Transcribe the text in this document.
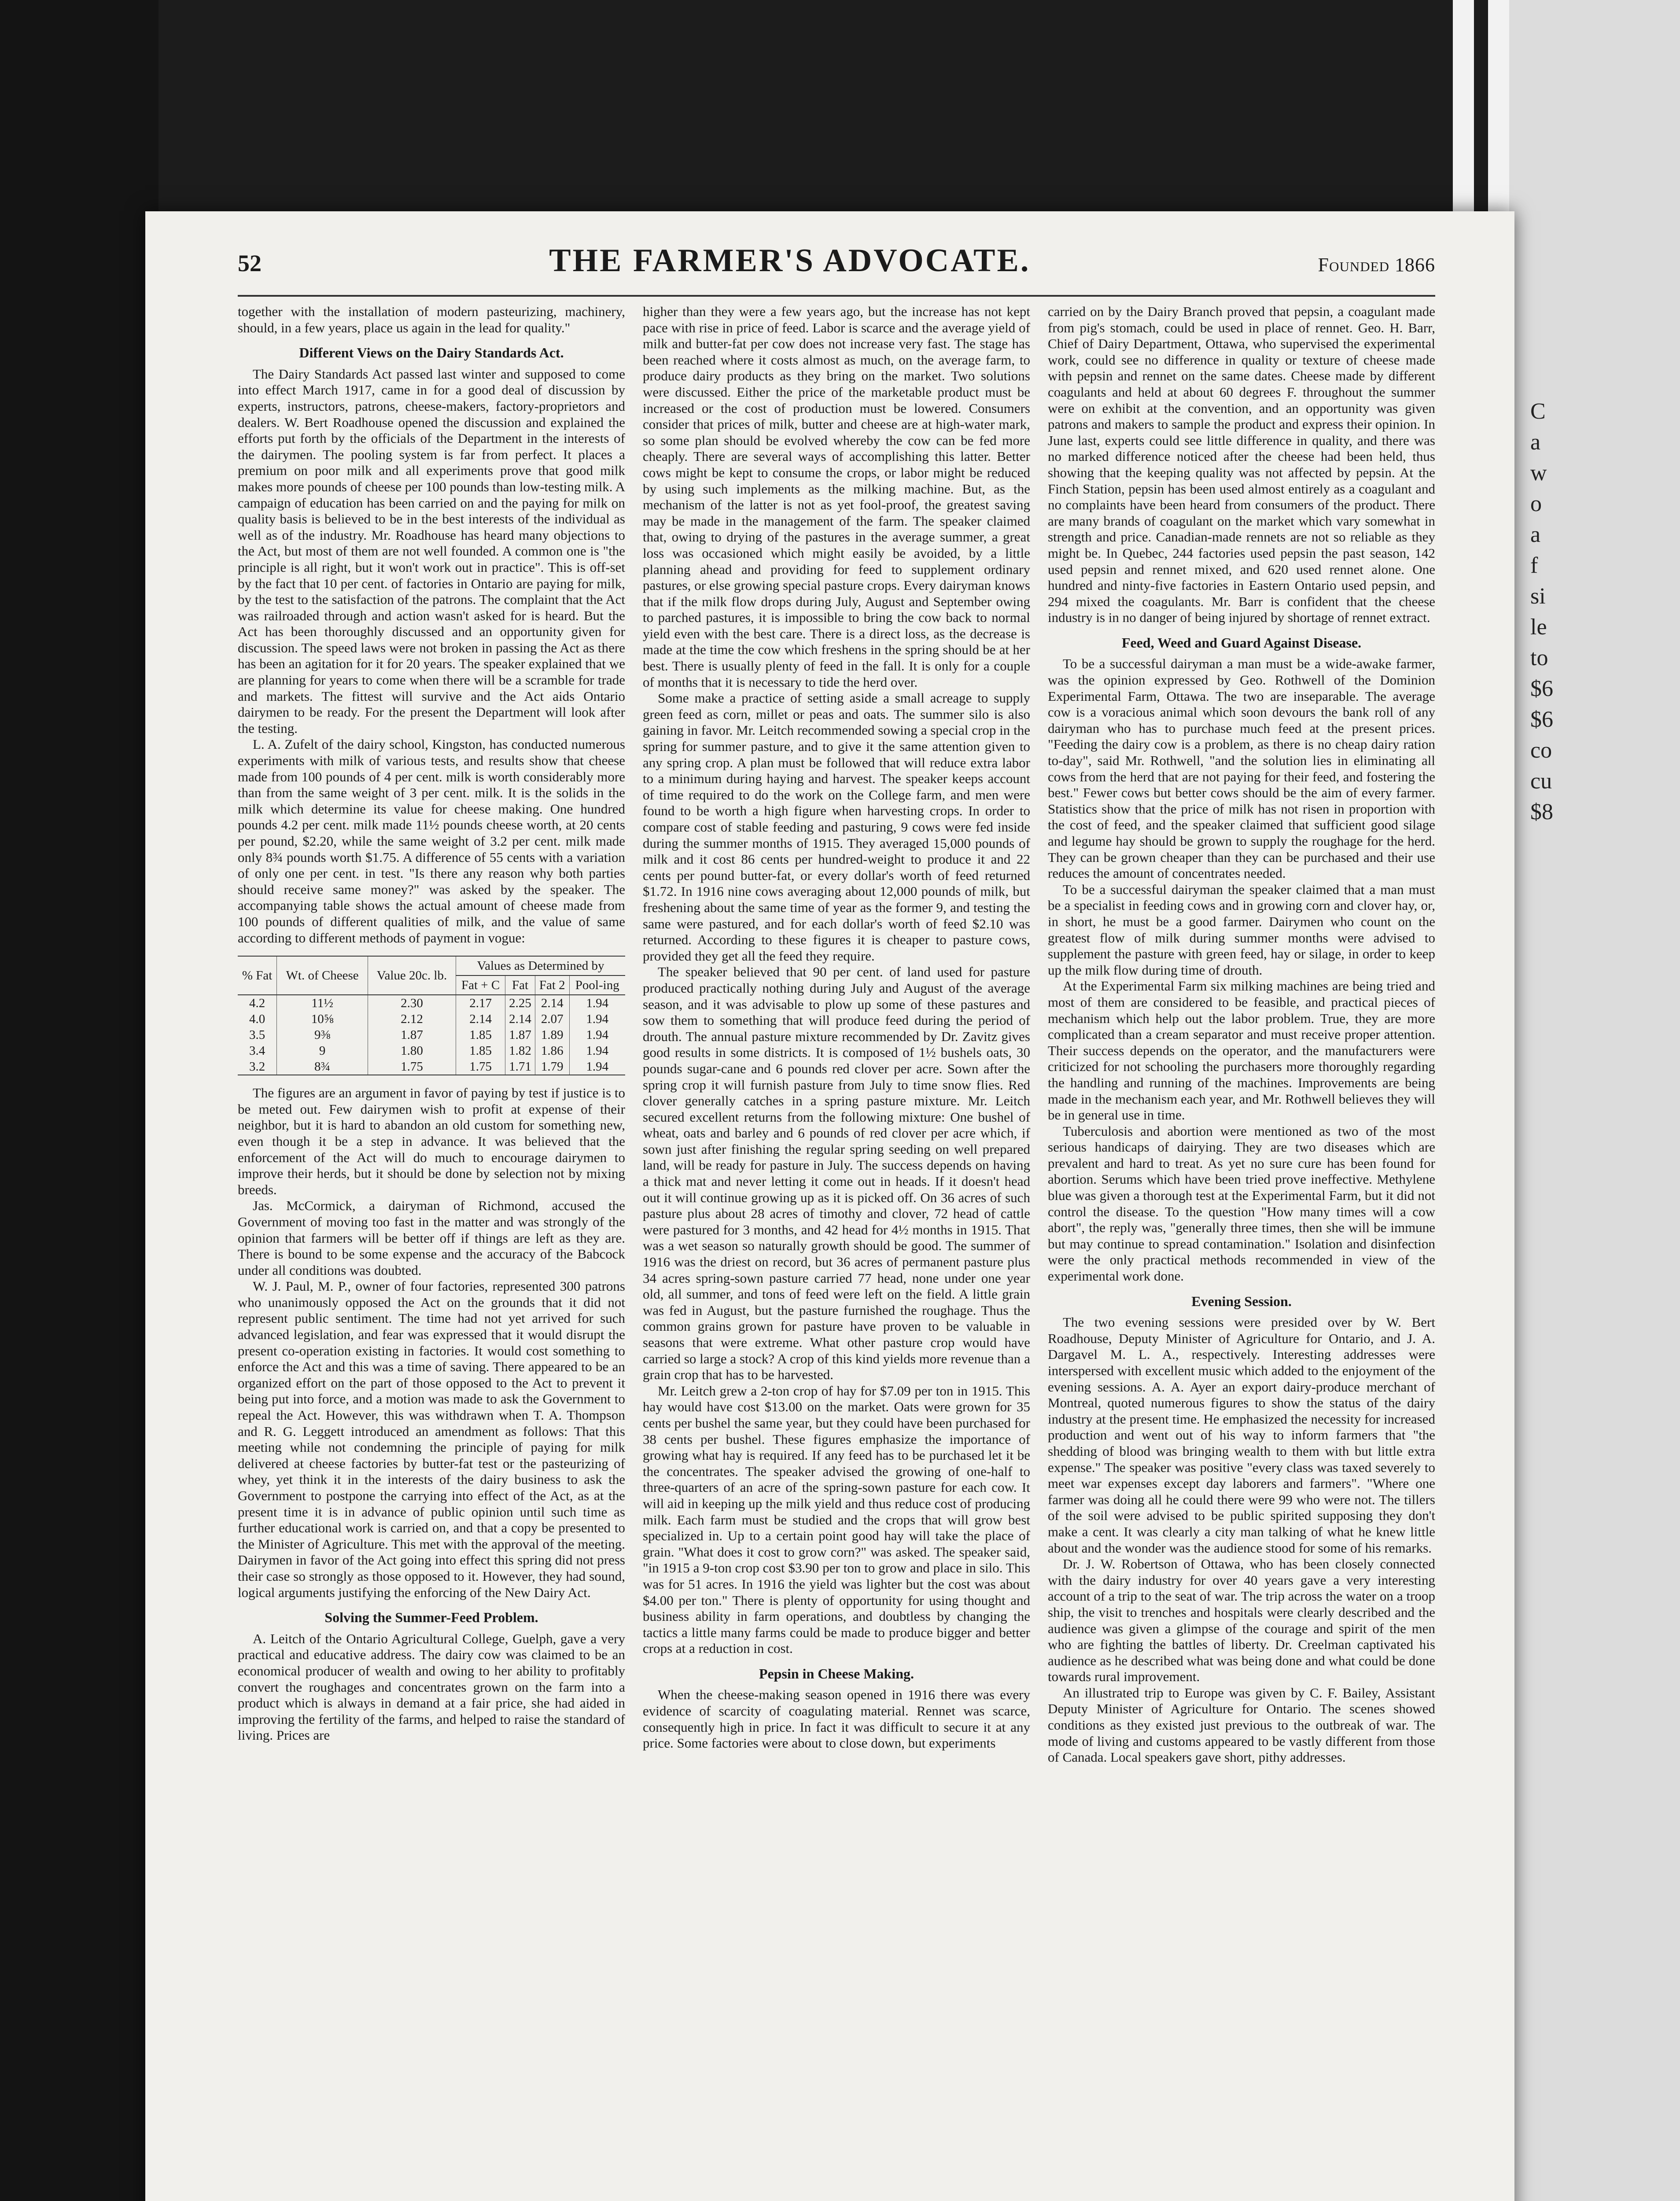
C
a
w
o
a
f
si
le
to
$6
$6
co
cu
$8
52	THE FARMER'S ADVOCATE.	Founded 1866

together with the installation of modern pasteurizing, machinery, should, in a few years, place us again in the lead for quality."

Different Views on the Dairy Standards Act.

The Dairy Standards Act passed last winter and supposed to come into effect March 1917, came in for a good deal of discussion by experts, instructors, patrons, cheese-makers, factory-proprietors and dealers. W. Bert Roadhouse opened the discussion and explained the efforts put forth by the officials of the Department in the interests of the dairymen. The pooling system is far from perfect. It places a premium on poor milk and all experiments prove that good milk makes more pounds of cheese per 100 pounds than low-testing milk. A campaign of education has been carried on and the paying for milk on quality basis is believed to be in the best interests of the individual as well as of the industry. Mr. Roadhouse has heard many objections to the Act, but most of them are not well founded. A common one is "the principle is all right, but it won't work out in practice". This is off-set by the fact that 10 per cent. of factories in Ontario are paying for milk, by the test to the satisfaction of the patrons. The complaint that the Act was railroaded through and action wasn't asked for is heard. But the Act has been thoroughly discussed and an opportunity given for discussion. The speed laws were not broken in passing the Act as there has been an agitation for it for 20 years. The speaker explained that we are planning for years to come when there will be a scramble for trade and markets. The fittest will survive and the Act aids Ontario dairymen to be ready. For the present the Department will look after the testing.

L. A. Zufelt of the dairy school, Kingston, has conducted numerous experiments with milk of various tests, and results show that cheese made from 100 pounds of 4 per cent. milk is worth considerably more than from the same weight of 3 per cent. milk. It is the solids in the milk which determine its value for cheese making. One hundred pounds 4.2 per cent. milk made 11½ pounds cheese worth, at 20 cents per pound, $2.20, while the same weight of 3.2 per cent. milk made only 8¾ pounds worth $1.75. A difference of 55 cents with a variation of only one per cent. in test. "Is there any reason why both parties should receive same money?" was asked by the speaker. The accompanying table shows the actual amount of cheese made from 100 pounds of different qualities of milk, and the value of same according to different methods of payment in vogue:

% Fat	Wt. of Cheese	Value 20c. lb.	Values as Determined by			
			Fat + C	Fat	Fat 2	Pool-ing
4.2	11½	2.30	2.17	2.25	2.14	1.94
4.0	10⅝	2.12	2.14	2.14	2.07	1.94
3.5	9⅜	1.87	1.85	1.87	1.89	1.94
3.4	9	1.80	1.85	1.82	1.86	1.94
3.2	8¾	1.75	1.75	1.71	1.79	1.94

The figures are an argument in favor of paying by test if justice is to be meted out. Few dairymen wish to profit at expense of their neighbor, but it is hard to abandon an old custom for something new, even though it be a step in advance. It was believed that the enforcement of the Act will do much to encourage dairymen to improve their herds, but it should be done by selection not by mixing breeds.

Jas. McCormick, a dairyman of Richmond, accused the Government of moving too fast in the matter and was strongly of the opinion that farmers will be better off if things are left as they are. There is bound to be some expense and the accuracy of the Babcock under all conditions was doubted.

W. J. Paul, M. P., owner of four factories, represented 300 patrons who unanimously opposed the Act on the grounds that it did not represent public sentiment. The time had not yet arrived for such advanced legislation, and fear was expressed that it would disrupt the present co-operation existing in factories. It would cost something to enforce the Act and this was a time of saving. There appeared to be an organized effort on the part of those opposed to the Act to prevent it being put into force, and a motion was made to ask the Government to repeal the Act. However, this was withdrawn when T. A. Thompson and R. G. Leggett introduced an amendment as follows: That this meeting while not condemning the principle of paying for milk delivered at cheese factories by butter-fat test or the pasteurizing of whey, yet think it in the interests of the dairy business to ask the Government to postpone the carrying into effect of the Act, as at the present time it is in advance of public opinion until such time as further educational work is carried on, and that a copy be presented to the Minister of Agriculture. This met with the approval of the meeting. Dairymen in favor of the Act going into effect this spring did not press their case so strongly as those opposed to it. However, they had sound, logical arguments justifying the enforcing of the New Dairy Act.

Solving the Summer-Feed Problem.

A. Leitch of the Ontario Agricultural College, Guelph, gave a very practical and educative address. The dairy cow was claimed to be an economical producer of wealth and owing to her ability to profitably convert the roughages and concentrates grown on the farm into a product which is always in demand at a fair price, she had aided in improving the fertility of the farms, and helped to raise the standard of living. Prices are

higher than they were a few years ago, but the increase has not kept pace with rise in price of feed. Labor is scarce and the average yield of milk and butter-fat per cow does not increase very fast. The stage has been reached where it costs almost as much, on the average farm, to produce dairy products as they bring on the market. Two solutions were discussed. Either the price of the marketable product must be increased or the cost of production must be lowered. Consumers consider that prices of milk, butter and cheese are at high-water mark, so some plan should be evolved whereby the cow can be fed more cheaply. There are several ways of accomplishing this latter. Better cows might be kept to consume the crops, or labor might be reduced by using such implements as the milking machine. But, as the mechanism of the latter is not as yet fool-proof, the greatest saving may be made in the management of the farm. The speaker claimed that, owing to drying of the pastures in the average summer, a great loss was occasioned which might easily be avoided, by a little planning ahead and providing for feed to supplement ordinary pastures, or else growing special pasture crops. Every dairyman knows that if the milk flow drops during July, August and September owing to parched pastures, it is impossible to bring the cow back to normal yield even with the best care. There is a direct loss, as the decrease is made at the time the cow which freshens in the spring should be at her best. There is usually plenty of feed in the fall. It is only for a couple of months that it is necessary to tide the herd over.

Some make a practice of setting aside a small acreage to supply green feed as corn, millet or peas and oats. The summer silo is also gaining in favor. Mr. Leitch recommended sowing a special crop in the spring for summer pasture, and to give it the same attention given to any spring crop. A plan must be followed that will reduce extra labor to a minimum during haying and harvest. The speaker keeps account of time required to do the work on the College farm, and men were found to be worth a high figure when harvesting crops. In order to compare cost of stable feeding and pasturing, 9 cows were fed inside during the summer months of 1915. They averaged 15,000 pounds of milk and it cost 86 cents per hundred-weight to produce it and 22 cents per pound butter-fat, or every dollar's worth of feed returned $1.72. In 1916 nine cows averaging about 12,000 pounds of milk, but freshening about the same time of year as the former 9, and testing the same were pastured, and for each dollar's worth of feed $2.10 was returned. According to these figures it is cheaper to pasture cows, provided they get all the feed they require.

The speaker believed that 90 per cent. of land used for pasture produced practically nothing during July and August of the average season, and it was advisable to plow up some of these pastures and sow them to something that will produce feed during the period of drouth. The annual pasture mixture recommended by Dr. Zavitz gives good results in some districts. It is composed of 1½ bushels oats, 30 pounds sugar-cane and 6 pounds red clover per acre. Sown after the spring crop it will furnish pasture from July to time snow flies. Red clover generally catches in a spring pasture mixture. Mr. Leitch secured excellent returns from the following mixture: One bushel of wheat, oats and barley and 6 pounds of red clover per acre which, if sown just after finishing the regular spring seeding on well prepared land, will be ready for pasture in July. The success depends on having a thick mat and never letting it come out in heads. If it doesn't head out it will continue growing up as it is picked off. On 36 acres of such pasture plus about 28 acres of timothy and clover, 72 head of cattle were pastured for 3 months, and 42 head for 4½ months in 1915. That was a wet season so naturally growth should be good. The summer of 1916 was the driest on record, but 36 acres of permanent pasture plus 34 acres spring-sown pasture carried 77 head, none under one year old, all summer, and tons of feed were left on the field. A little grain was fed in August, but the pasture furnished the roughage. Thus the common grains grown for pasture have proven to be valuable in seasons that were extreme. What other pasture crop would have carried so large a stock? A crop of this kind yields more revenue than a grain crop that has to be harvested.

Mr. Leitch grew a 2-ton crop of hay for $7.09 per ton in 1915. This hay would have cost $13.00 on the market. Oats were grown for 35 cents per bushel the same year, but they could have been purchased for 38 cents per bushel. These figures emphasize the importance of growing what hay is required. If any feed has to be purchased let it be the concentrates. The speaker advised the growing of one-half to three-quarters of an acre of the spring-sown pasture for each cow. It will aid in keeping up the milk yield and thus reduce cost of producing milk. Each farm must be studied and the crops that will grow best specialized in. Up to a certain point good hay will take the place of grain. "What does it cost to grow corn?" was asked. The speaker said, "in 1915 a 9-ton crop cost $3.90 per ton to grow and place in silo. This was for 51 acres. In 1916 the yield was lighter but the cost was about $4.00 per ton." There is plenty of opportunity for using thought and business ability in farm operations, and doubtless by changing the tactics a little many farms could be made to produce bigger and better crops at a reduction in cost.

Pepsin in Cheese Making.

When the cheese-making season opened in 1916 there was every evidence of scarcity of coagulating material. Rennet was scarce, consequently high in price. In fact it was difficult to secure it at any price. Some factories were about to close down, but experiments

carried on by the Dairy Branch proved that pepsin, a coagulant made from pig's stomach, could be used in place of rennet. Geo. H. Barr, Chief of Dairy Department, Ottawa, who supervised the experimental work, could see no difference in quality or texture of cheese made with pepsin and rennet on the same dates. Cheese made by different coagulants and held at about 60 degrees F. throughout the summer were on exhibit at the convention, and an opportunity was given patrons and makers to sample the product and express their opinion. In June last, experts could see little difference in quality, and there was no marked difference noticed after the cheese had been held, thus showing that the keeping quality was not affected by pepsin. At the Finch Station, pepsin has been used almost entirely as a coagulant and no complaints have been heard from consumers of the product. There are many brands of coagulant on the market which vary somewhat in strength and price. Canadian-made rennets are not so reliable as they might be. In Quebec, 244 factories used pepsin the past season, 142 used pepsin and rennet mixed, and 620 used rennet alone. One hundred and ninty-five factories in Eastern Ontario used pepsin, and 294 mixed the coagulants. Mr. Barr is confident that the cheese industry is in no danger of being injured by shortage of rennet extract.

Feed, Weed and Guard Against Disease.

To be a successful dairyman a man must be a wide-awake farmer, was the opinion expressed by Geo. Rothwell of the Dominion Experimental Farm, Ottawa. The two are inseparable. The average cow is a voracious animal which soon devours the bank roll of any dairyman who has to purchase much feed at the present prices. "Feeding the dairy cow is a problem, as there is no cheap dairy ration to-day", said Mr. Rothwell, "and the solution lies in eliminating all cows from the herd that are not paying for their feed, and fostering the best." Fewer cows but better cows should be the aim of every farmer. Statistics show that the price of milk has not risen in proportion with the cost of feed, and the speaker claimed that sufficient good silage and legume hay should be grown to supply the roughage for the herd. They can be grown cheaper than they can be purchased and their use reduces the amount of concentrates needed.

To be a successful dairyman the speaker claimed that a man must be a specialist in feeding cows and in growing corn and clover hay, or, in short, he must be a good farmer. Dairymen who count on the greatest flow of milk during summer months were advised to supplement the pasture with green feed, hay or silage, in order to keep up the milk flow during time of drouth.

At the Experimental Farm six milking machines are being tried and most of them are considered to be feasible, and practical pieces of mechanism which help out the labor problem. True, they are more complicated than a cream separator and must receive proper attention. Their success depends on the operator, and the manufacturers were criticized for not schooling the purchasers more thoroughly regarding the handling and running of the machines. Improvements are being made in the mechanism each year, and Mr. Rothwell believes they will be in general use in time.

Tuberculosis and abortion were mentioned as two of the most serious handicaps of dairying. They are two diseases which are prevalent and hard to treat. As yet no sure cure has been found for abortion. Serums which have been tried prove ineffective. Methylene blue was given a thorough test at the Experimental Farm, but it did not control the disease. To the question "How many times will a cow abort", the reply was, "generally three times, then she will be immune but may continue to spread contamination." Isolation and disinfection were the only practical methods recommended in view of the experimental work done.

Evening Session.

The two evening sessions were presided over by W. Bert Roadhouse, Deputy Minister of Agriculture for Ontario, and J. A. Dargavel M. L. A., respectively. Interesting addresses were interspersed with excellent music which added to the enjoyment of the evening sessions. A. A. Ayer an export dairy-produce merchant of Montreal, quoted numerous figures to show the status of the dairy industry at the present time. He emphasized the necessity for increased production and went out of his way to inform farmers that "the shedding of blood was bringing wealth to them with but little extra expense." The speaker was positive "every class was taxed severely to meet war expenses except day laborers and farmers". "Where one farmer was doing all he could there were 99 who were not. The tillers of the soil were advised to be public spirited supposing they don't make a cent. It was clearly a city man talking of what he knew little about and the wonder was the audience stood for some of his remarks.

Dr. J. W. Robertson of Ottawa, who has been closely connected with the dairy industry for over 40 years gave a very interesting account of a trip to the seat of war. The trip across the water on a troop ship, the visit to trenches and hospitals were clearly described and the audience was given a glimpse of the courage and spirit of the men who are fighting the battles of liberty. Dr. Creelman captivated his audience as he described what was being done and what could be done towards rural improvement.

An illustrated trip to Europe was given by C. F. Bailey, Assistant Deputy Minister of Agriculture for Ontario. The scenes showed conditions as they existed just previous to the outbreak of war. The mode of living and customs appeared to be vastly different from those of Canada. Local speakers gave short, pithy addresses.
